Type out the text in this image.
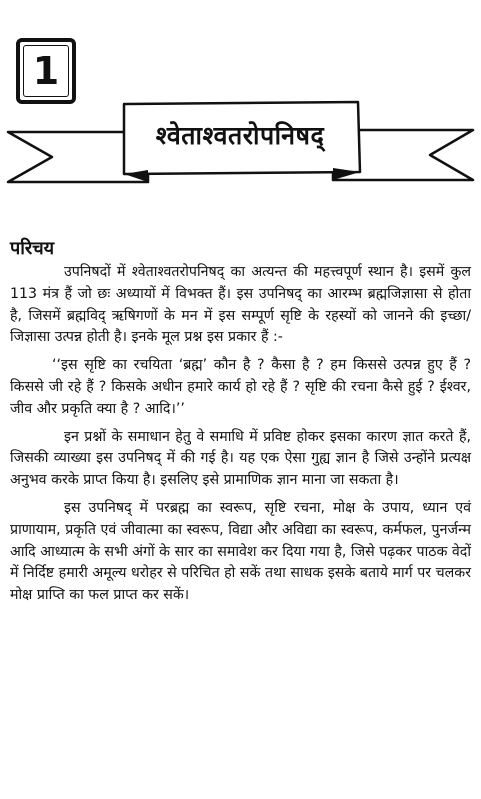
1
श्वेताश्वतरोपनिषद्
परिचय

उपनिषदों में श्वेताश्वतरोपनिषद् का अत्यन्त की महत्त्वपूर्ण स्थान है। इसमें कुल 113 मंत्र हैं जो छः अध्यायों में विभक्त हैं। इस उपनिषद् का आरम्भ ब्रह्मजिज्ञासा से होता है, जिसमें ब्रह्मविद् ऋषिगणों के मन में इस सम्पूर्ण सृष्टि के रहस्यों को जानने की इच्छा/जिज्ञासा उत्पन्न होती है। इनके मूल प्रश्न इस प्रकार हैं :-

‘‘इस सृष्टि का रचयिता ‘ब्रह्म’ कौन है ? कैसा है ? हम किससे उत्पन्न हुए हैं ? किससे जी रहे हैं ? किसके अधीन हमारे कार्य हो रहे हैं ? सृष्टि की रचना कैसे हुई ? ईश्वर, जीव और प्रकृति क्या है ? आदि।’’

इन प्रश्नों के समाधान हेतु वे समाधि में प्रविष्ट होकर इसका कारण ज्ञात करते हैं, जिसकी व्याख्या इस उपनिषद् में की गई है। यह एक ऐसा गुह्य ज्ञान है जिसे उन्होंने प्रत्यक्ष अनुभव करके प्राप्त किया है। इसलिए इसे प्रामाणिक ज्ञान माना जा सकता है।

इस उपनिषद् में परब्रह्म का स्वरूप, सृष्टि रचना, मोक्ष के उपाय, ध्यान एवं प्राणायाम, प्रकृति एवं जीवात्मा का स्वरूप, विद्या और अविद्या का स्वरूप, कर्मफल, पुनर्जन्म आदि आध्यात्म के सभी अंगों के सार का समावेश कर दिया गया है, जिसे पढ़कर पाठक वेदों में निर्दिष्ट हमारी अमूल्य धरोहर से परिचित हो सकें तथा साधक इसके बताये मार्ग पर चलकर मोक्ष प्राप्ति का फल प्राप्त कर सकें।
